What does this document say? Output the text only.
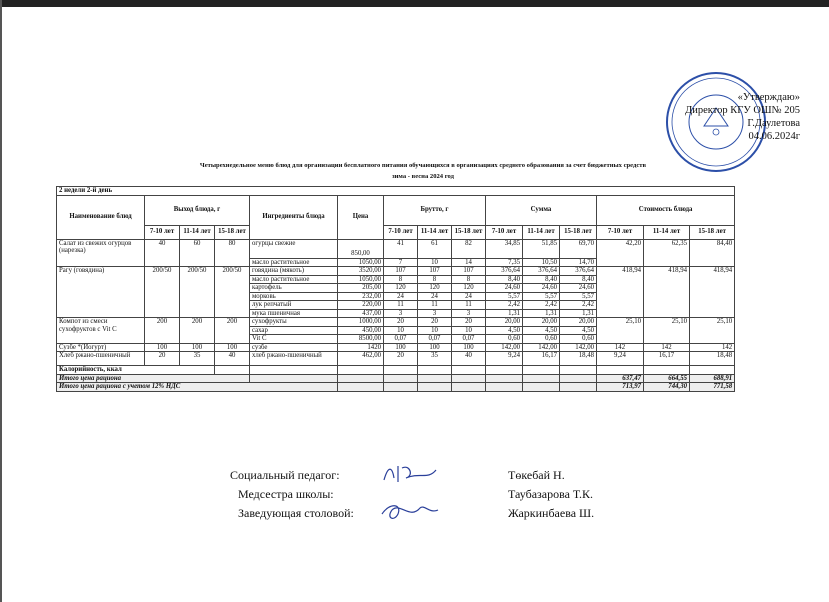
«Утверждаю»
Директор КГУ ОШ№ 205
Г.Даулетова
04.06.2024г
Четырехнедельное меню блюд для организации бесплатного питания обучающихся в организациях среднего образования за счет бюджетных средств
зима - весна 2024 год
2 недели 2-й день														
Наименование блюд	Выход блюда, г			Ингредиенты блюда	Цена	Брутто, г			Сумма			Стоимость блюда		
	7-10 лет	11-14 лет	15-18 лет			7-10 лет	11-14 лет	15-18 лет	7-10 лет	11-14 лет	15-18 лет	7-10 лет	11-14 лет	15-18 лет
Салат из свежих огурцов (нарезка)	40	60	80	огурцы свежие	850,00	41	61	82	34,85	51,85	69,70	42,20	62,35	84,40
				масло растительное	1050,00	7	10	14	7,35	10,50	14,70			
Рагу (говядина)	200/50	200/50	200/50	говядина (мякоть)	3520,00	107	107	107	376,64	376,64	376,64	418,94	418,94	418,94
				масло растительное	1050,00	8	8	8	8,40	8,40	8,40			
				картофель	205,00	120	120	120	24,60	24,60	24,60			
				морковь	232,00	24	24	24	5,57	5,57	5,57			
				лук репчатый	220,00	11	11	11	2,42	2,42	2,42			
				мука пшеничная	437,00	3	3	3	1,31	1,31	1,31			
Компот из смеси сухофруктов с Vit C	200	200	200	сухофрукты	1000,00	20	20	20	20,00	20,00	20,00	25,10	25,10	25,10
				сахар	450,00	10	10	10	4,50	4,50	4,50			
				Vit C	8500,00	0,07	0,07	0,07	0,60	0,60	0,60			
Сузбе *(Йогурт)	100	100	100	сузбе	1420	100	100	100	142,00	142,00	142,00	142	142	142
Хлеб ржано-пшеничный	20	35	40	хлеб ржано-пшеничный	462,00	20	35	40	9,24	16,17	18,48	9,24	16,17	18,48
Калорийность, ккал														
Итого цена рациона												637,47	664,55	688,91
Итого цена рациона с учетом 12% НДС												713,97	744,30	771,58
Социальный педагог:	Төкебай Н.
Медсестра школы:	Таубазарова Т.К.
Заведующая столовой:	Жаркинбаева Ш.
